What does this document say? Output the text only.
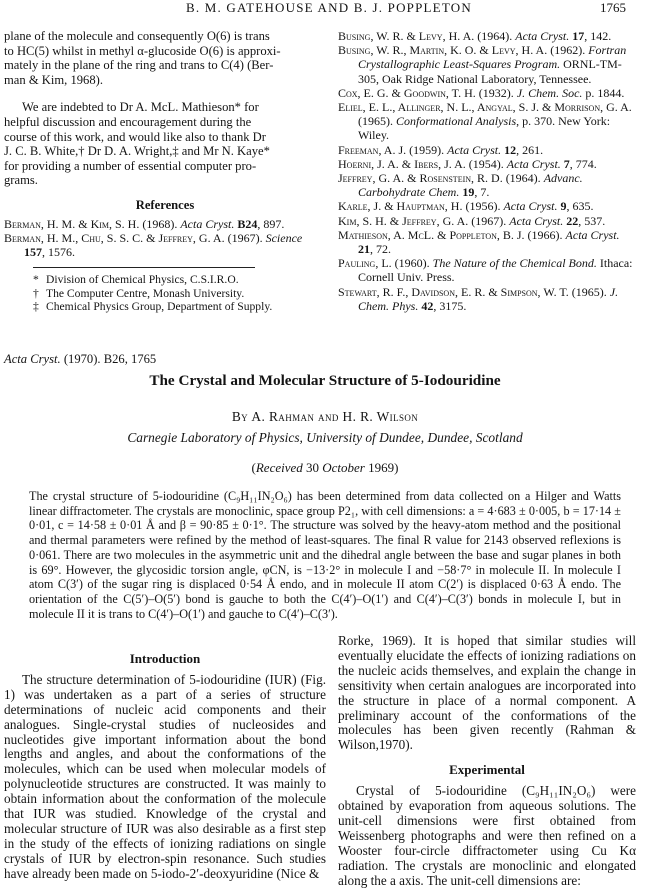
B. M. GATEHOUSE AND B. J. POPPLETON	1765
plane of the molecule and consequently O(6) is trans
to HC(5) whilst in methyl α-glucoside O(6) is approxi-
mately in the plane of the ring and trans to C(4) (Ber-
man & Kim, 1968).
We are indebted to Dr A. McL. Mathieson* for
helpful discussion and encouragement during the
course of this work, and would like also to thank Dr
J. C. B. White,† Dr D. A. Wright,‡ and Mr N. Kaye*
for providing a number of essential computer pro-
grams.
References

Berman, H. M. & Kim, S. H. (1968). Acta Cryst. B24, 897.

Berman, H. M., Chu, S. S. C. & Jeffrey, G. A. (1967). Science 157, 1576.

* Division of Chemical Physics, C.S.I.R.O.

† The Computer Centre, Monash University.

‡ Chemical Physics Group, Department of Supply.

Busing, W. R. & Levy, H. A. (1964). Acta Cryst. 17, 142.

Busing, W. R., Martin, K. O. & Levy, H. A. (1962). Fortran Crystallographic Least-Squares Program. ORNL-TM-305, Oak Ridge National Laboratory, Tennessee.

Cox, E. G. & Goodwin, T. H. (1932). J. Chem. Soc. p. 1844.

Eliel, E. L., Allinger, N. L., Angyal, S. J. & Morrison, G. A. (1965). Conformational Analysis, p. 370. New York: Wiley.

Freeman, A. J. (1959). Acta Cryst. 12, 261.

Hoerni, J. A. & Ibers, J. A. (1954). Acta Cryst. 7, 774.

Jeffrey, G. A. & Rosenstein, R. D. (1964). Advanc. Carbohydrate Chem. 19, 7.

Karle, J. & Hauptman, H. (1956). Acta Cryst. 9, 635.

Kim, S. H. & Jeffrey, G. A. (1967). Acta Cryst. 22, 537.

Mathieson, A. McL. & Poppleton, B. J. (1966). Acta Cryst. 21, 72.

Pauling, L. (1960). The Nature of the Chemical Bond. Ithaca: Cornell Univ. Press.

Stewart, R. F., Davidson, E. R. & Simpson, W. T. (1965). J. Chem. Phys. 42, 3175.

Acta Cryst. (1970). B26, 1765
The Crystal and Molecular Structure of 5-Iodouridine
By A. Rahman and H. R. Wilson
Carnegie Laboratory of Physics, University of Dundee, Dundee, Scotland
(Received 30 October 1969)
The crystal structure of 5-iodouridine (C₉H₁₁IN₂O₆) has been determined from data collected on a Hilger and Watts linear diffractometer. The crystals are monoclinic, space group P2₁, with cell dimensions: a = 4·683 ± 0·005, b = 17·14 ± 0·01, c = 14·58 ± 0·01 Å and β = 90·85 ± 0·1°. The structure was solved by the heavy-atom method and the positional and thermal parameters were refined by the method of least-squares. The final R value for 2143 observed reflexions is 0·061. There are two molecules in the asymmetric unit and the dihedral angle between the base and sugar planes in both is 69°. However, the glycosidic torsion angle, φCN, is −13·2° in molecule I and −58·7° in molecule II. In molecule I atom C(3′) of the sugar ring is displaced 0·54 Å endo, and in molecule II atom C(2′) is displaced 0·63 Å endo. The orientation of the C(5′)–O(5′) bond is gauche to both the C(4′)–O(1′) and C(4′)–C(3′) bonds in molecule I, but in molecule II it is trans to C(4′)–O(1′) and gauche to C(4′)–C(3′).
Introduction
The structure determination of 5-iodouridine (IUR) (Fig. 1) was undertaken as a part of a series of structure determinations of nucleic acid components and their analogues. Single-crystal studies of nucleosides and nucleotides give important information about the bond lengths and angles, and about the conformations of the molecules, which can be used when molecular models of polynucleotide structures are constructed. It was mainly to obtain information about the conformation of the molecule that IUR was studied. Knowledge of the crystal and molecular structure of IUR was also desirable as a first step in the study of the effects of ionizing radiations on single crystals of IUR by electron-spin resonance. Such studies have already been made on 5-iodo-2′-deoxyuridine (Nice &
Rorke, 1969). It is hoped that similar studies will eventually elucidate the effects of ionizing radiations on the nucleic acids themselves, and explain the change in sensitivity when certain analogues are incorporated into the structure in place of a normal component. A preliminary account of the conformations of the molecules has been given recently (Rahman & Wilson,1970).
Experimental
Crystal of 5-iodouridine (C₉H₁₁IN₂O₆) were obtained by evaporation from aqueous solutions. The unit-cell dimensions were first obtained from Weissenberg photographs and were then refined on a Wooster four-circle diffractometer using Cu Kα radiation. The crystals are monoclinic and elongated along the a axis. The unit-cell dimensions are:
